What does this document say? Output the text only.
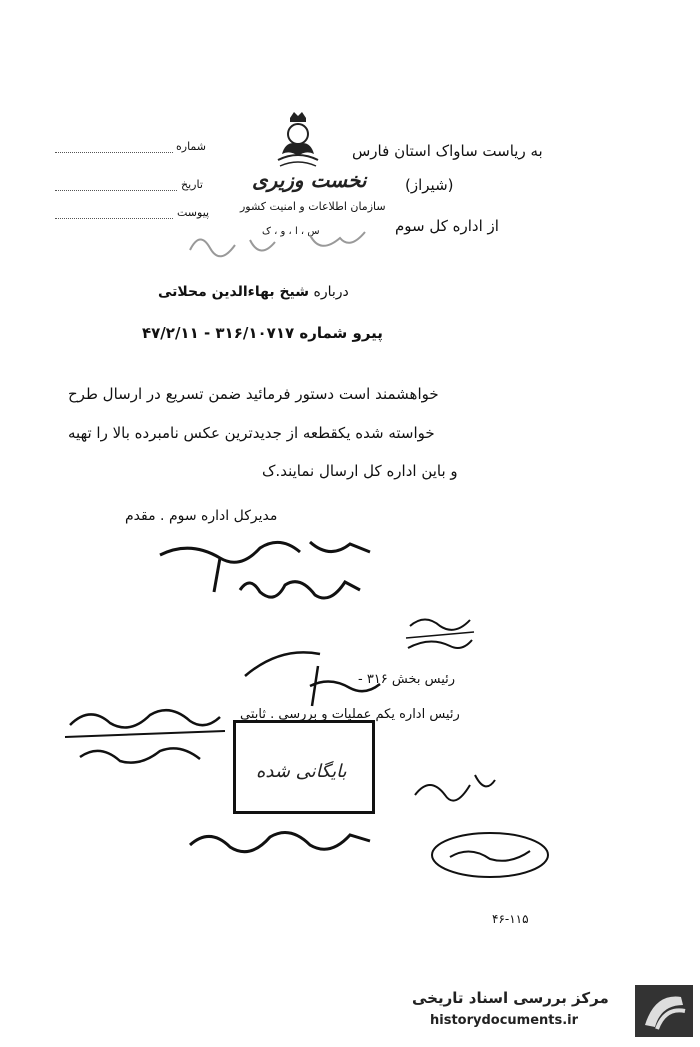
نخست وزیری
سازمان اطلاعات و امنیت کشور
س ، ا ، و ، ک
شماره
تاریخ
پیوست
به ریاست ساواک استان فارس
(شیراز)
از اداره کل سوم
درباره شیخ بهاءالدین محلاتی
پیرو شماره ۳۱۶/۱۰۷۱۷ - ۴۷/۲/۱۱
خواهشمند است دستور فرمائید ضمن تسریع در ارسال طرح
خواسته شده یکقطعه از جدیدترین عکس نامبرده بالا را تهیه
و باین اداره کل ارسال نمایند.ک
مدیرکل اداره سوم . مقدم
رئیس بخش ۳۱۶ -
رئیس اداره یکم عملیات و بررسی . ثابتی
بایگانی شده
۴۶-۱۱۵
مرکز بررسی اسناد تاریخی
historydocuments.ir
